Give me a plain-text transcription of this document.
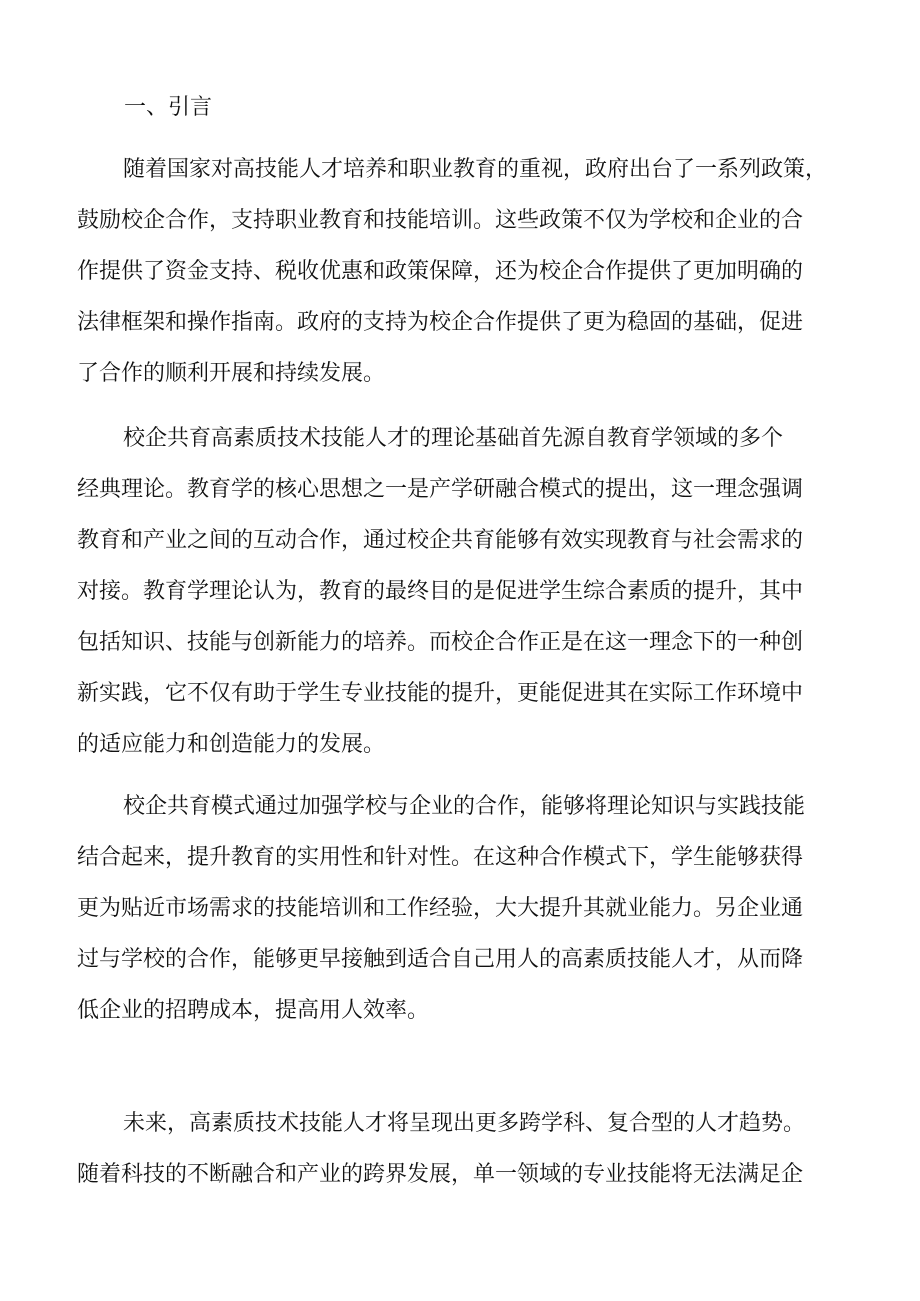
一、引言
随着国家对高技能人才培养和职业教育的重视，政府出台了一系列政策，
鼓励校企合作，支持职业教育和技能培训。这些政策不仅为学校和企业的合
作提供了资金支持、税收优惠和政策保障，还为校企合作提供了更加明确的
法律框架和操作指南。政府的支持为校企合作提供了更为稳固的基础，促进
了合作的顺利开展和持续发展。
校企共育高素质技术技能人才的理论基础首先源自教育学领域的多个
经典理论。教育学的核心思想之一是产学研融合模式的提出，这一理念强调
教育和产业之间的互动合作，通过校企共育能够有效实现教育与社会需求的
对接。教育学理论认为，教育的最终目的是促进学生综合素质的提升，其中
包括知识、技能与创新能力的培养。而校企合作正是在这一理念下的一种创
新实践，它不仅有助于学生专业技能的提升，更能促进其在实际工作环境中
的适应能力和创造能力的发展。
校企共育模式通过加强学校与企业的合作，能够将理论知识与实践技能
结合起来，提升教育的实用性和针对性。在这种合作模式下，学生能够获得
更为贴近市场需求的技能培训和工作经验，大大提升其就业能力。另企业通
过与学校的合作，能够更早接触到适合自己用人的高素质技能人才，从而降
低企业的招聘成本，提高用人效率。
未来，高素质技术技能人才将呈现出更多跨学科、复合型的人才趋势。
随着科技的不断融合和产业的跨界发展，单一领域的专业技能将无法满足企
